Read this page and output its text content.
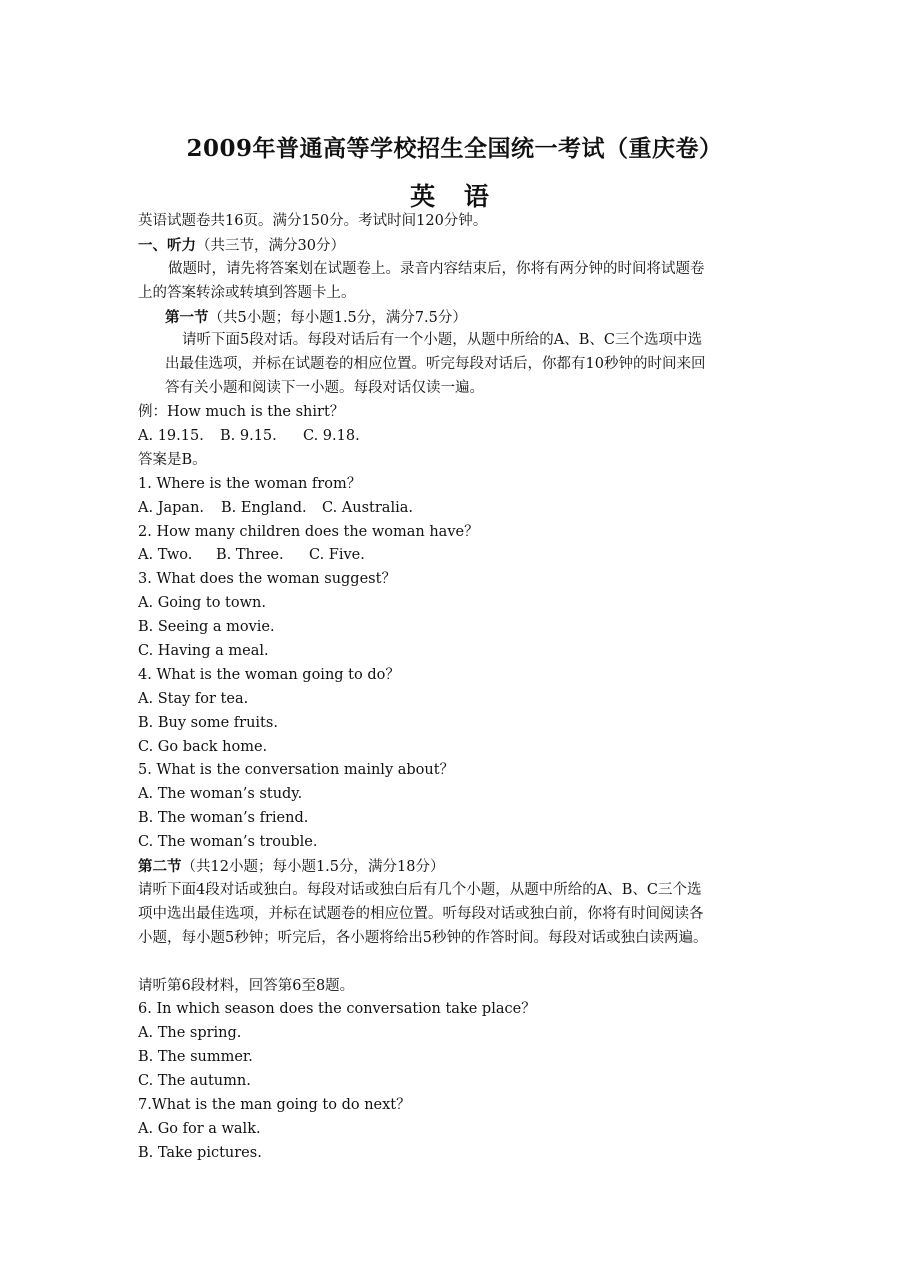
2009年普通高等学校招生全国统一考试（重庆卷）
英 语
英语试题卷共16页。满分150分。考试时间120分钟。
一、听力（共三节，满分30分）
做题时，请先将答案划在试题卷上。录音内容结束后，你将有两分钟的时间将试题卷
上的答案转涂或转填到答题卡上。
第一节（共5小题；每小题1.5分，满分7.5分）
请听下面5段对话。每段对话后有一个小题，从题中所给的A、B、C三个选项中选
出最佳选项，并标在试题卷的相应位置。听完每段对话后，你都有10秒钟的时间来回
答有关小题和阅读下一小题。每段对话仅读一遍。
例：How much is the shirt？
A. 19.15. B. 9.15. C. 9.18.
答案是B。
1. Where is the woman from？
A. Japan. B. England. C. Australia.
2. How many children does the woman have？
A. Two. B. Three. C. Five.
3. What does the woman suggest？
A. Going to town.
B. Seeing a movie.
C. Having a meal.
4. What is the woman going to do？
A. Stay for tea.
B. Buy some fruits.
C. Go back home.
5. What is the conversation mainly about？
A. The woman’s study.
B. The woman’s friend.
C. The woman’s trouble.
第二节（共12小题；每小题1.5分，满分18分）
请听下面4段对话或独白。每段对话或独白后有几个小题，从题中所给的A、B、C三个选
项中选出最佳选项，并标在试题卷的相应位置。听每段对话或独白前，你将有时间阅读各
小题，每小题5秒钟；听完后，各小题将给出5秒钟的作答时间。每段对话或独白读两遍。
请听第6段材料，回答第6至8题。
6. In which season does the conversation take place？
A. The spring.
B. The summer.
C. The autumn.
7.What is the man going to do next？
A. Go for a walk.
B. Take pictures.
